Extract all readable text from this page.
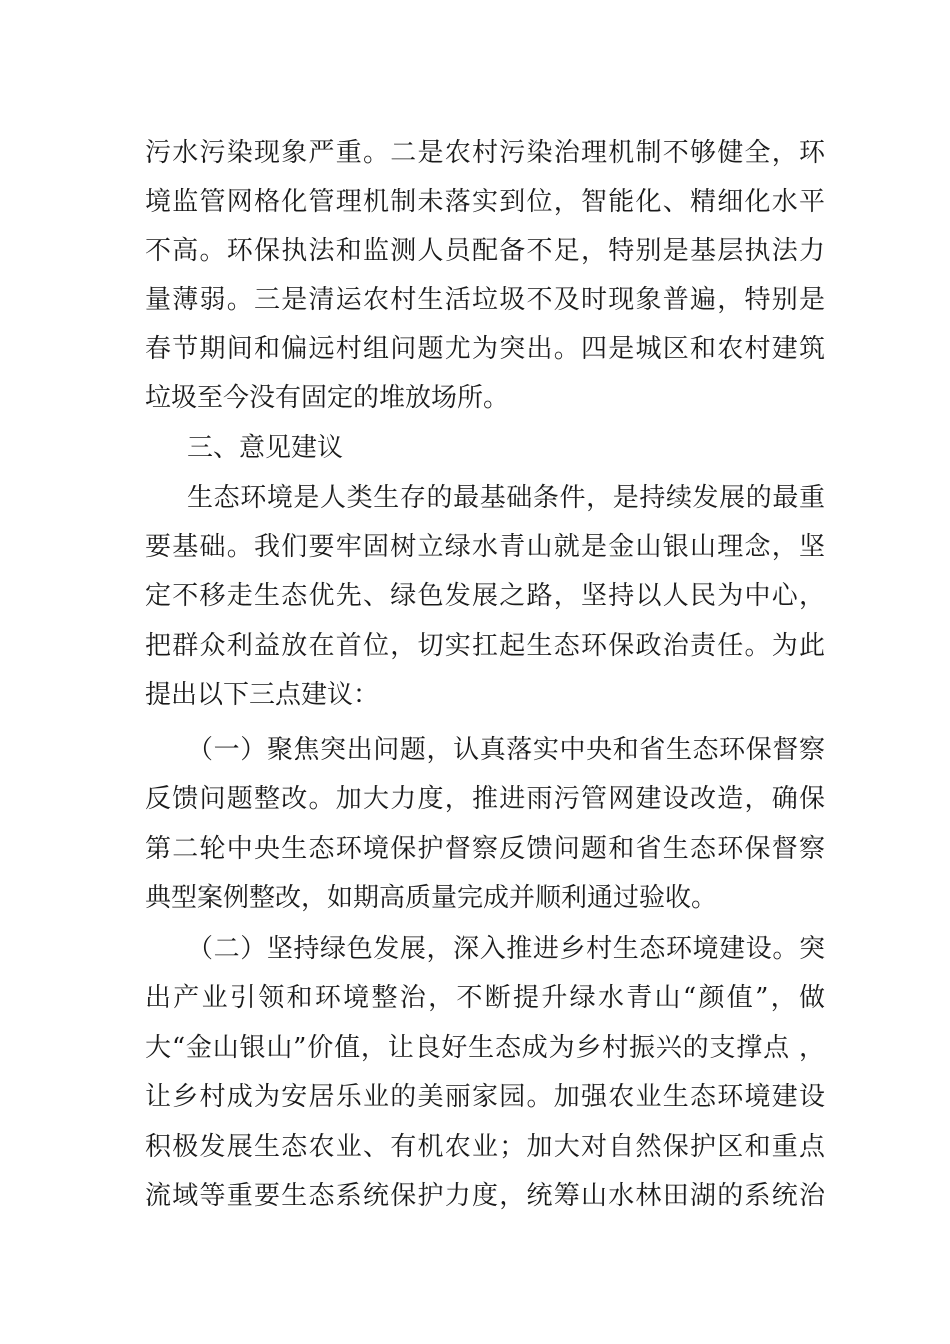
污水污染现象严重。二是农村污染治理机制不够健全，环
境监管网格化管理机制未落实到位，智能化、精细化水平
不高。环保执法和监测人员配备不足，特别是基层执法力
量薄弱。三是清运农村生活垃圾不及时现象普遍，特别是
春节期间和偏远村组问题尤为突出。四是城区和农村建筑
垃圾至今没有固定的堆放场所。
三、意见建议
生态环境是人类生存的最基础条件，是持续发展的最重
要基础。我们要牢固树立绿水青山就是金山银山理念，坚
定不移走生态优先、绿色发展之路，坚持以人民为中心，
把群众利益放在首位，切实扛起生态环保政治责任。为此
提出以下三点建议：
（一）聚焦突出问题，认真落实中央和省生态环保督察
反馈问题整改。加大力度，推进雨污管网建设改造，确保
第二轮中央生态环境保护督察反馈问题和省生态环保督察
典型案例整改，如期高质量完成并顺利通过验收。
（二）坚持绿色发展，深入推进乡村生态环境建设。突
出产业引领和环境整治，不断提升绿水青山“颜值”，做
大“金山银山”价值，让良好生态成为乡村振兴的支撑点 ，
让乡村成为安居乐业的美丽家园。加强农业生态环境建设
积极发展生态农业、有机农业；加大对自然保护区和重点
流域等重要生态系统保护力度，统筹山水林田湖的系统治
